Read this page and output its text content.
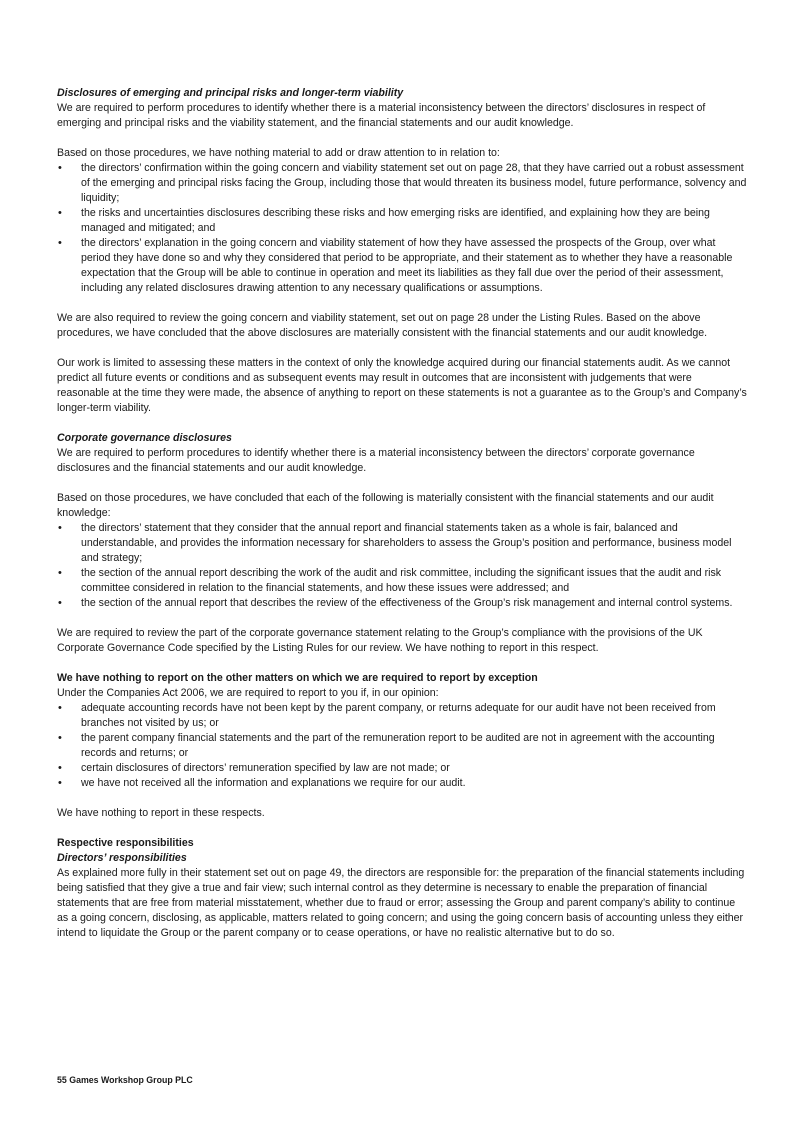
Disclosures of emerging and principal risks and longer-term viability

We are required to perform procedures to identify whether there is a material inconsistency between the directors’ disclosures in respect of emerging and principal risks and the viability statement, and the financial statements and our audit knowledge.

Based on those procedures, we have nothing material to add or draw attention to in relation to:

• the directors’ confirmation within the going concern and viability statement set out on page 28, that they have carried out a robust assessment of the emerging and principal risks facing the Group, including those that would threaten its business model, future performance, solvency and liquidity;
• the risks and uncertainties disclosures describing these risks and how emerging risks are identified, and explaining how they are being managed and mitigated; and
• the directors’ explanation in the going concern and viability statement of how they have assessed the prospects of the Group, over what period they have done so and why they considered that period to be appropriate, and their statement as to whether they have a reasonable expectation that the Group will be able to continue in operation and meet its liabilities as they fall due over the period of their assessment, including any related disclosures drawing attention to any necessary qualifications or assumptions.

We are also required to review the going concern and viability statement, set out on page 28 under the Listing Rules. Based on the above procedures, we have concluded that the above disclosures are materially consistent with the financial statements and our audit knowledge.

Our work is limited to assessing these matters in the context of only the knowledge acquired during our financial statements audit. As we cannot predict all future events or conditions and as subsequent events may result in outcomes that are inconsistent with judgements that were reasonable at the time they were made, the absence of anything to report on these statements is not a guarantee as to the Group’s and Company’s longer-term viability.

Corporate governance disclosures

We are required to perform procedures to identify whether there is a material inconsistency between the directors’ corporate governance disclosures and the financial statements and our audit knowledge.

Based on those procedures, we have concluded that each of the following is materially consistent with the financial statements and our audit knowledge:

• the directors’ statement that they consider that the annual report and financial statements taken as a whole is fair, balanced and understandable, and provides the information necessary for shareholders to assess the Group’s position and performance, business model and strategy;
• the section of the annual report describing the work of the audit and risk committee, including the significant issues that the audit and risk committee considered in relation to the financial statements, and how these issues were addressed; and
• the section of the annual report that describes the review of the effectiveness of the Group’s risk management and internal control systems.

We are required to review the part of the corporate governance statement relating to the Group’s compliance with the provisions of the UK Corporate Governance Code specified by the Listing Rules for our review. We have nothing to report in this respect.

We have nothing to report on the other matters on which we are required to report by exception

Under the Companies Act 2006, we are required to report to you if, in our opinion:

• adequate accounting records have not been kept by the parent company, or returns adequate for our audit have not been received from branches not visited by us; or
• the parent company financial statements and the part of the remuneration report to be audited are not in agreement with the accounting records and returns; or
• certain disclosures of directors’ remuneration specified by law are not made; or
• we have not received all the information and explanations we require for our audit.

We have nothing to report in these respects.

Respective responsibilities
Directors’ responsibilities

As explained more fully in their statement set out on page 49, the directors are responsible for: the preparation of the financial statements including being satisfied that they give a true and fair view; such internal control as they determine is necessary to enable the preparation of financial statements that are free from material misstatement, whether due to fraud or error; assessing the Group and parent company’s ability to continue as a going concern, disclosing, as applicable, matters related to going concern; and using the going concern basis of accounting unless they either intend to liquidate the Group or the parent company or to cease operations, or have no realistic alternative but to do so.

55 Games Workshop Group PLC
